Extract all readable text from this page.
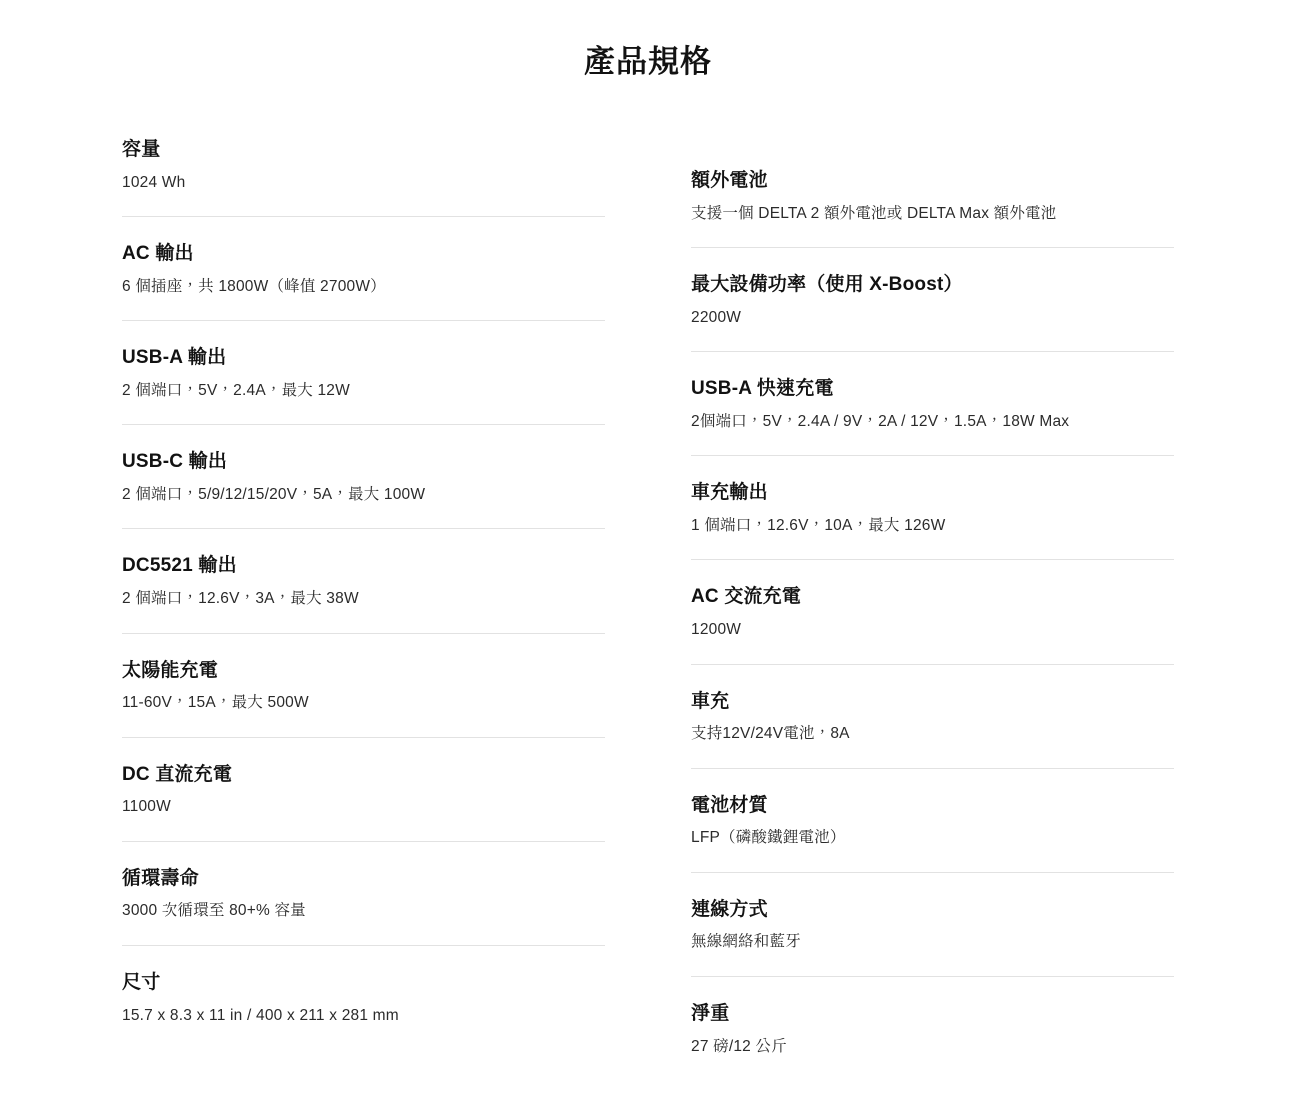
產品規格
容量
1024 Wh
AC 輸出
6 個插座，共 1800W（峰值 2700W）
USB-A 輸出
2 個端口，5V，2.4A，最大 12W
USB-C 輸出
2 個端口，5/9/12/15/20V，5A，最大 100W
DC5521 輸出
2 個端口，12.6V，3A，最大 38W
太陽能充電
11-60V，15A，最大 500W
DC 直流充電
1100W
循環壽命
3000 次循環至 80+% 容量
尺寸
15.7 x 8.3 x 11 in / 400 x 211 x 281 mm
額外電池
支援一個 DELTA 2 額外電池或 DELTA Max 額外電池
最大設備功率（使用 X-Boost）
2200W
USB-A 快速充電
2個端口，5V，2.4A / 9V，2A / 12V，1.5A，18W Max
車充輸出
1 個端口，12.6V，10A，最大 126W
AC 交流充電
1200W
車充
支持12V/24V電池，8A
電池材質
LFP（磷酸鐵鋰電池）
連線方式
無線網絡和藍牙
淨重
27 磅/12 公斤
